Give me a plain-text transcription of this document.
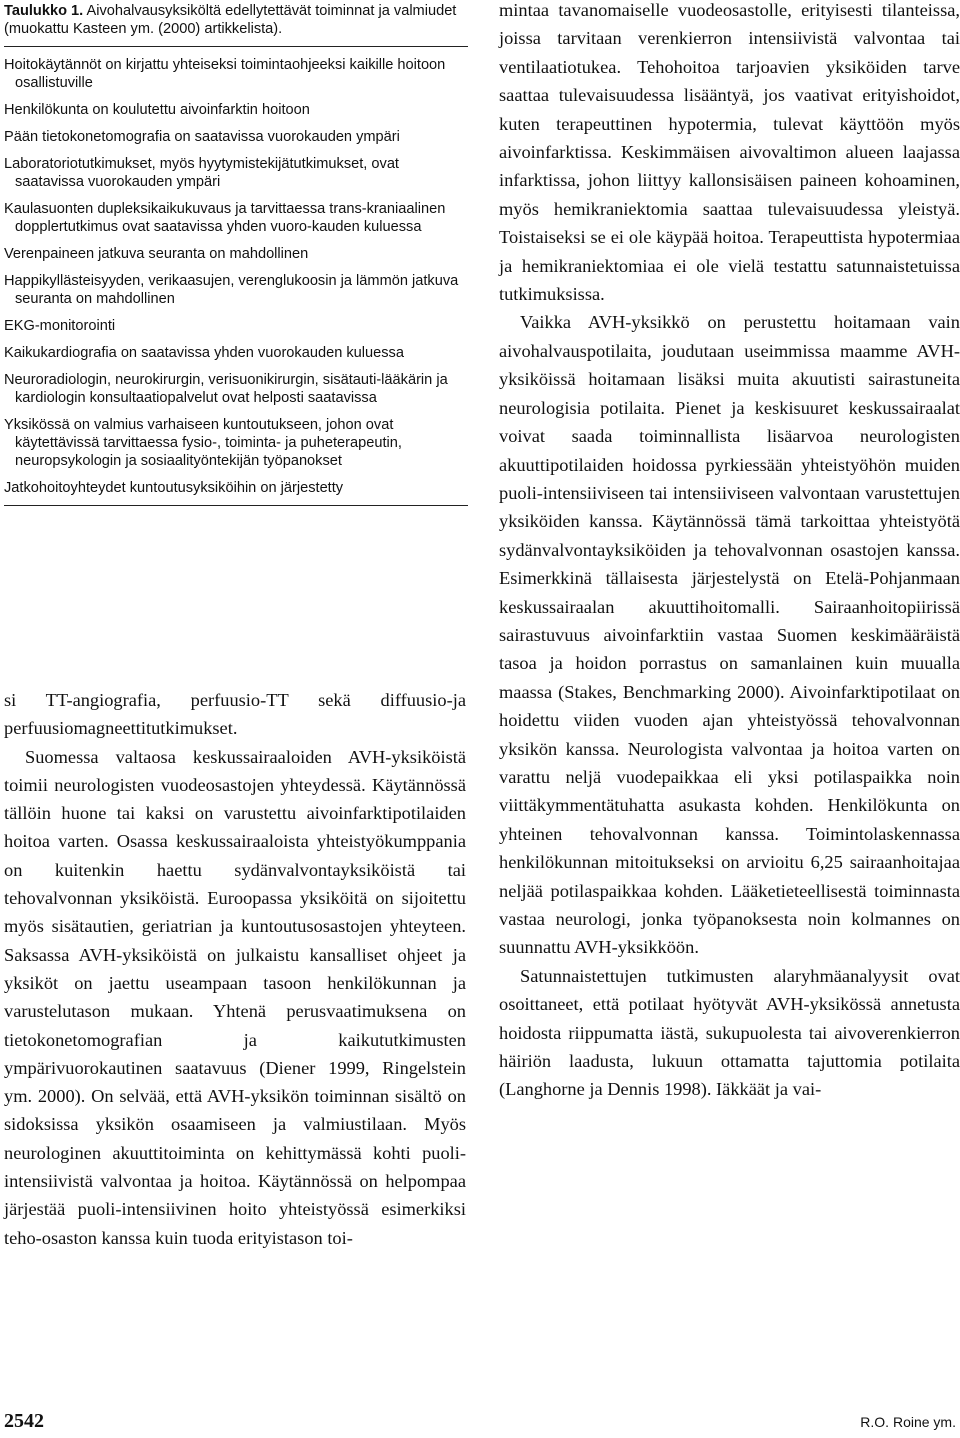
Taulukko 1. Aivohalvausyksiköltä edellytettävät toiminnat ja valmiudet (muokattu Kasteen ym. (2000) artikkelista).
Hoitokäytännöt on kirjattu yhteiseksi toimintaohjeeksi kaikille hoitoon osallistuville
Henkilökunta on koulutettu aivoinfarktin hoitoon
Pään tietokonetomografia on saatavissa vuorokauden ympäri
Laboratoriotutkimukset, myös hyytymistekijätutkimukset, ovat saatavissa vuorokauden ympäri
Kaulasuonten dupleksikaikukuvaus ja tarvittaessa trans-kraniaalinen dopplertutkimus ovat saatavissa yhden vuoro-kauden kuluessa
Verenpaineen jatkuva seuranta on mahdollinen
Happikyllästeisyyden, verikaasujen, verenglukoosin ja lämmön jatkuva seuranta on mahdollinen
EKG-monitorointi
Kaikukardiografia on saatavissa yhden vuorokauden kuluessa
Neuroradiologin, neurokirurgin, verisuonikirurgin, sisätauti-lääkärin ja kardiologin konsultaatiopalvelut ovat helposti saatavissa
Yksikössä on valmius varhaiseen kuntoutukseen, johon ovat käytettävissä tarvittaessa fysio-, toiminta- ja puheterapeutin, neuropsykologin ja sosiaalityöntekijän työpanokset
Jatkohoitoyhteydet kuntoutusyksiköihin on järjestetty

si TT-angiografia, perfuusio-TT sekä diffuusio-ja perfuusiomagneettitutkimukset.

Suomessa valtaosa keskussairaaloiden AVH-yksiköistä toimii neurologisten vuodeosastojen yhteydessä. Käytännössä tällöin huone tai kaksi on varustettu aivoinfarktipotilaiden hoitoa varten. Osassa keskussairaaloista yhteistyökumppania on kuitenkin haettu sydänvalvontayksiköistä tai tehovalvonnan yksiköistä. Euroopassa yksiköitä on sijoitettu myös sisätautien, geriatrian ja kuntoutusosastojen yhteyteen. Saksassa AVH-yksiköistä on julkaistu kansalliset ohjeet ja yksiköt on jaettu useampaan tasoon henkilökunnan ja varustelutason mukaan. Yhtenä perusvaatimuksena on tietokonetomografian ja kaikututkimusten ympärivuorokautinen saatavuus (Diener 1999, Ringelstein ym. 2000). On selvää, että AVH-yksikön toiminnan sisältö on sidoksissa yksikön osaamiseen ja valmiustilaan. Myös neurologinen akuuttitoiminta on kehittymässä kohti puoli-intensiivistä valvontaa ja hoitoa. Käytännössä on helpompaa järjestää puoli-intensiivinen hoito yhteistyössä esimerkiksi teho-osaston kanssa kuin tuoda erityistason toi-

mintaa tavanomaiselle vuodeosastolle, erityisesti tilanteissa, joissa tarvitaan verenkierron intensiivistä valvontaa tai ventilaatiotukea. Tehohoitoa tarjoavien yksiköiden tarve saattaa tulevaisuudessa lisääntyä, jos vaativat erityishoidot, kuten terapeuttinen hypotermia, tulevat käyttöön myös aivoinfarktissa. Keskimmäisen aivovaltimon alueen laajassa infarktissa, johon liittyy kallonsisäisen paineen kohoaminen, myös hemikraniektomia saattaa tulevaisuudessa yleistyä. Toistaiseksi se ei ole käypää hoitoa. Terapeuttista hypotermiaa ja hemikraniektomiaa ei ole vielä testattu satunnaistetuissa tutkimuksissa.

Vaikka AVH-yksikkö on perustettu hoitamaan vain aivohalvauspotilaita, joudutaan useimmissa maamme AVH-yksiköissä hoitamaan lisäksi muita akuutisti sairastuneita neurologisia potilaita. Pienet ja keskisuuret keskussairaalat voivat saada toiminnallista lisäarvoa neurologisten akuuttipotilaiden hoidossa pyrkiessään yhteistyöhön muiden puoli-intensiiviseen tai intensiiviseen valvontaan varustettujen yksiköiden kanssa. Käytännössä tämä tarkoittaa yhteistyötä sydänvalvontayksiköiden ja tehovalvonnan osastojen kanssa. Esimerkkinä tällaisesta järjestelystä on Etelä-Pohjanmaan keskussairaalan akuuttihoitomalli. Sairaanhoitopiirissä sairastuvuus aivoinfarktiin vastaa Suomen keskimääräistä tasoa ja hoidon porrastus on samanlainen kuin muualla maassa (Stakes, Benchmarking 2000). Aivoinfarktipotilaat on hoidettu viiden vuoden ajan yhteistyössä tehovalvonnan yksikön kanssa. Neurologista valvontaa ja hoitoa varten on varattu neljä vuodepaikkaa eli yksi potilaspaikka noin viittäkymmentätuhatta asukasta kohden. Henkilökunta on yhteinen tehovalvonnan kanssa. Toimintolaskennassa henkilökunnan mitoitukseksi on arvioitu 6,25 sairaanhoitajaa neljää potilaspaikkaa kohden. Lääketieteellisestä toiminnasta vastaa neurologi, jonka työpanoksesta noin kolmannes on suunnattu AVH-yksikköön.

Satunnaistettujen tutkimusten alaryhmäanalyysit ovat osoittaneet, että potilaat hyötyvät AVH-yksikössä annetusta hoidosta riippumatta iästä, sukupuolesta tai aivoverenkierron häiriön laadusta, lukuun ottamatta tajuttomia potilaita (Langhorne ja Dennis 1998). Iäkkäät ja vai-

2542	R.O. Roine ym.
